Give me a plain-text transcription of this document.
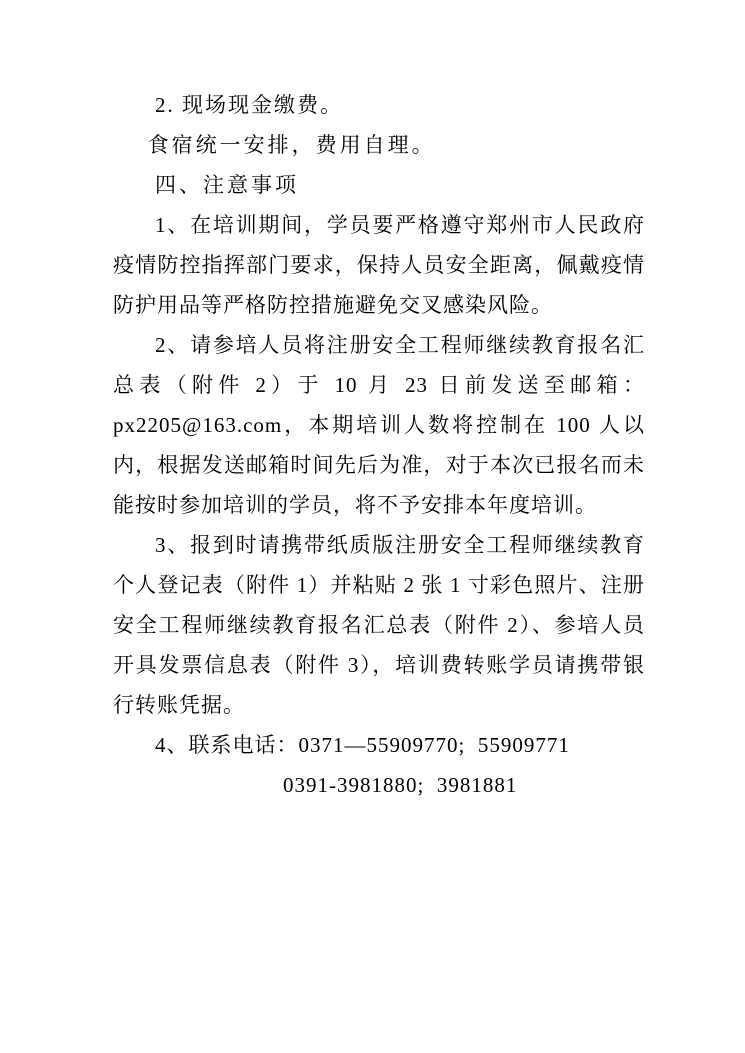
2. 现场现金缴费。

食宿统一安排，费用自理。

四、注意事项

1、在培训期间，学员要严格遵守郑州市人民政府疫情防控指挥部门要求，保持人员安全距离，佩戴疫情防护用品等严格防控措施避免交叉感染风险。

2、请参培人员将注册安全工程师继续教育报名汇总表（附件 2）于 10 月 23 日前发送至邮箱： px2205@163.com，本期培训人数将控制在 100 人以内，根据发送邮箱时间先后为准，对于本次已报名而未能按时参加培训的学员，将不予安排本年度培训。

3、报到时请携带纸质版注册安全工程师继续教育个人登记表（附件 1）并粘贴 2 张 1 寸彩色照片、注册安全工程师继续教育报名汇总表（附件 2）、参培人员开具发票信息表（附件 3），培训费转账学员请携带银行转账凭据。

4、联系电话：0371—55909770;  55909771

0391-3981880;  3981881
